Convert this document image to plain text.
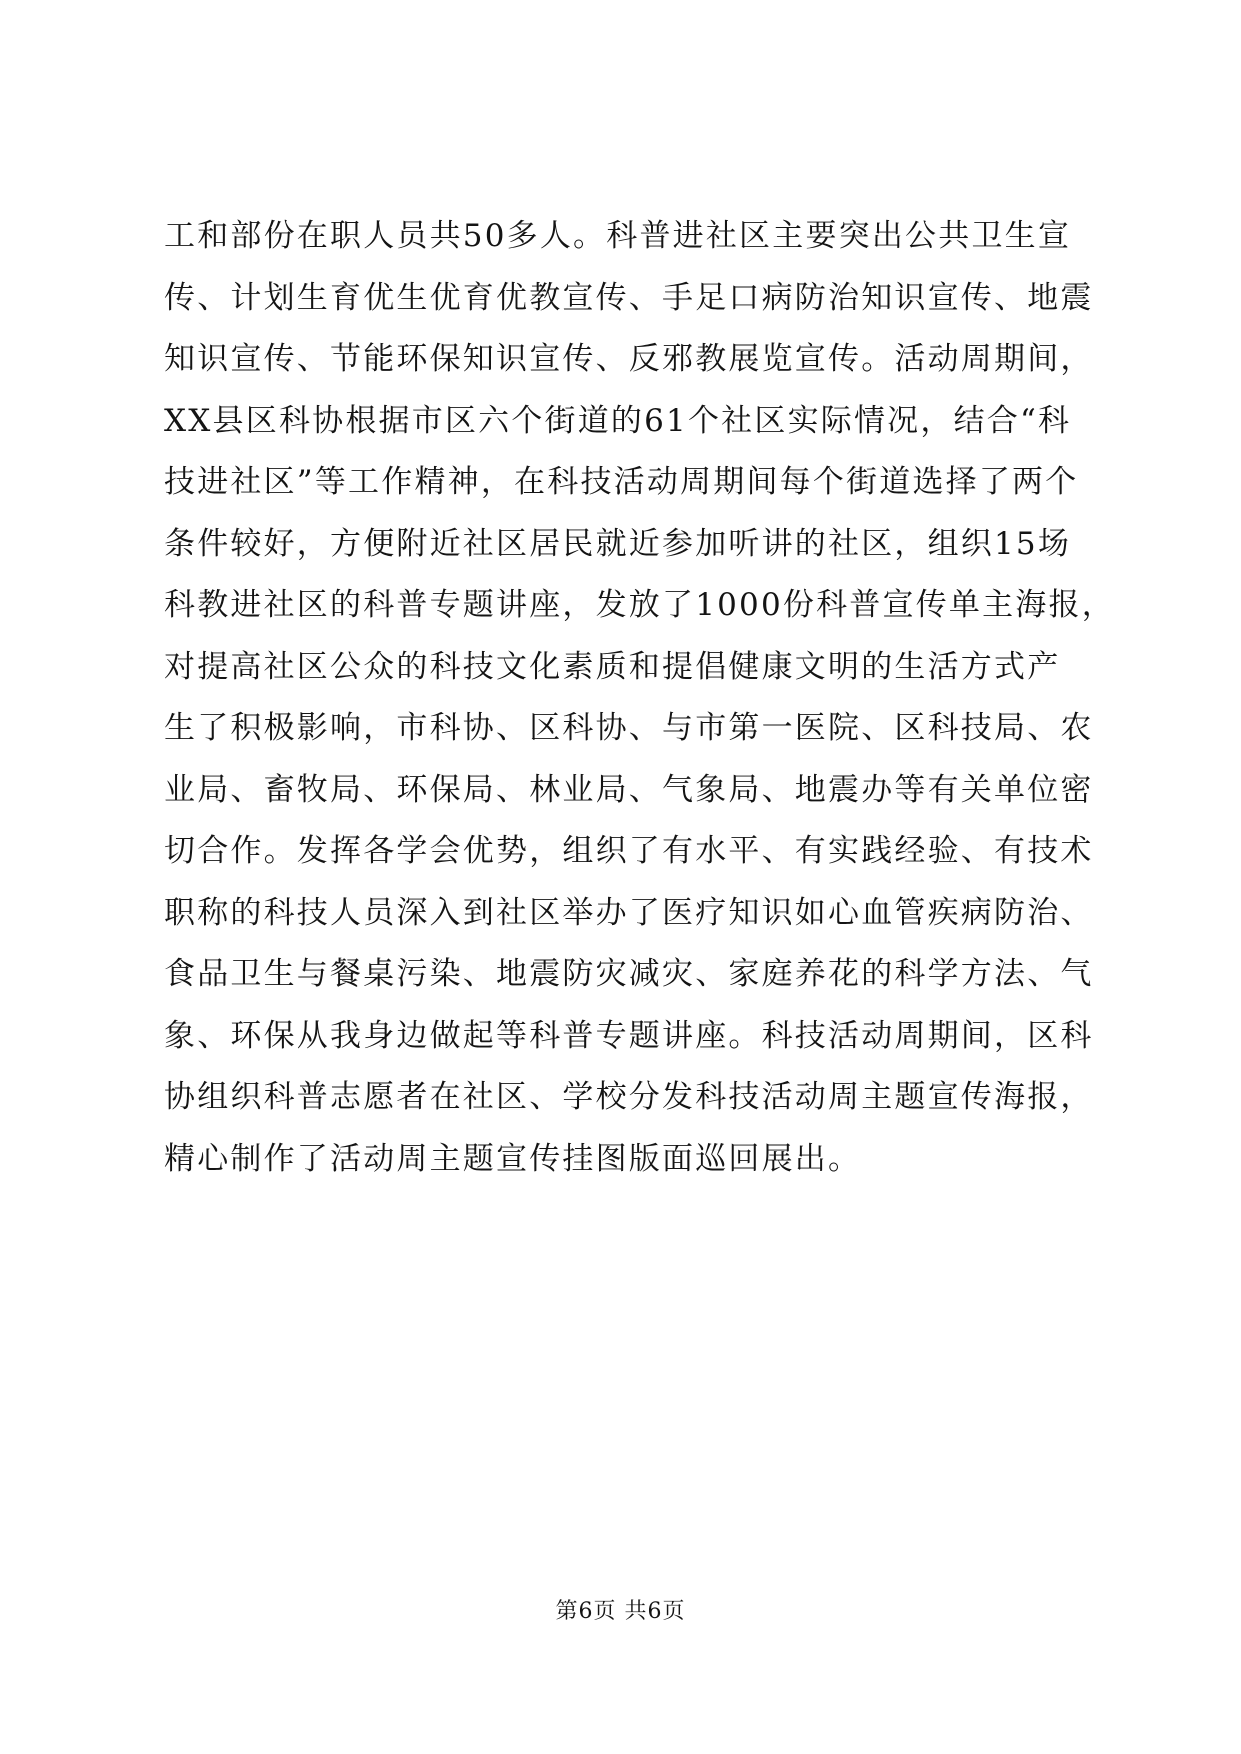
工和部份在职人员共50多人。科普进社区主要突出公共卫生宣
传、计划生育优生优育优教宣传、手足口病防治知识宣传、地震
知识宣传、节能环保知识宣传、反邪教展览宣传。活动周期间，
XX县区科协根据市区六个街道的61个社区实际情况，结合“科
技进社区”等工作精神，在科技活动周期间每个街道选择了两个
条件较好，方便附近社区居民就近参加听讲的社区，组织15场
科教进社区的科普专题讲座，发放了1000份科普宣传单主海报，
对提高社区公众的科技文化素质和提倡健康文明的生活方式产
生了积极影响，市科协、区科协、与市第一医院、区科技局、农
业局、畜牧局、环保局、林业局、气象局、地震办等有关单位密
切合作。发挥各学会优势，组织了有水平、有实践经验、有技术
职称的科技人员深入到社区举办了医疗知识如心血管疾病防治、
食品卫生与餐桌污染、地震防灾减灾、家庭养花的科学方法、气
象、环保从我身边做起等科普专题讲座。科技活动周期间，区科
协组织科普志愿者在社区、学校分发科技活动周主题宣传海报，
精心制作了活动周主题宣传挂图版面巡回展出。
第6页 共6页
